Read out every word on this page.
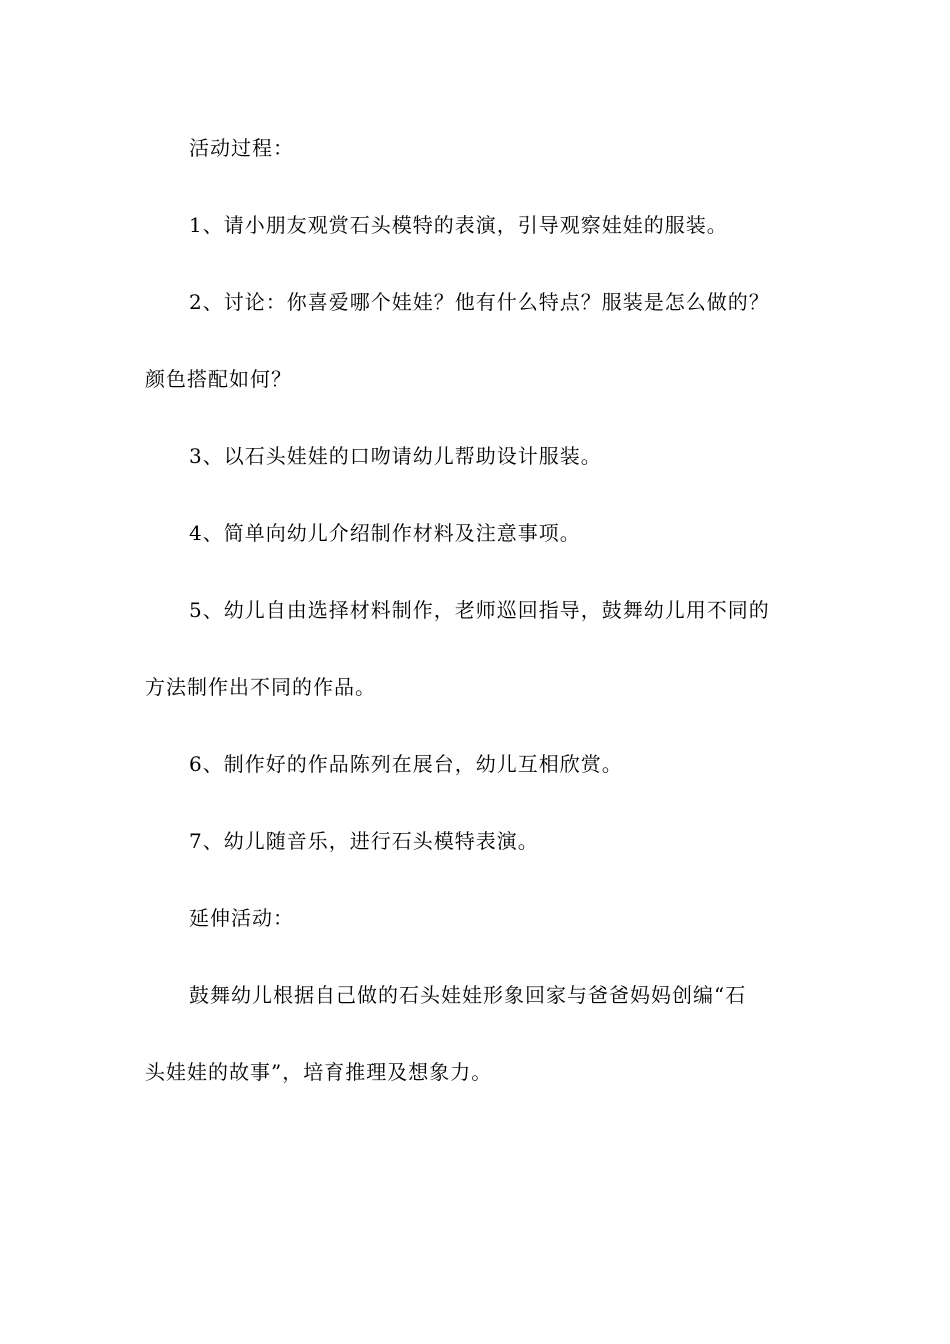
活动过程：
1、请小朋友观赏石头模特的表演，引导观察娃娃的服装。
2、讨论：你喜爱哪个娃娃？他有什么特点？服装是怎么做的？
颜色搭配如何？
3、以石头娃娃的口吻请幼儿帮助设计服装。
4、简单向幼儿介绍制作材料及注意事项。
5、幼儿自由选择材料制作，老师巡回指导，鼓舞幼儿用不同的
方法制作出不同的作品。
6、制作好的作品陈列在展台，幼儿互相欣赏。
7、幼儿随音乐，进行石头模特表演。
延伸活动：
鼓舞幼儿根据自己做的石头娃娃形象回家与爸爸妈妈创编“石
头娃娃的故事”，培育推理及想象力。
